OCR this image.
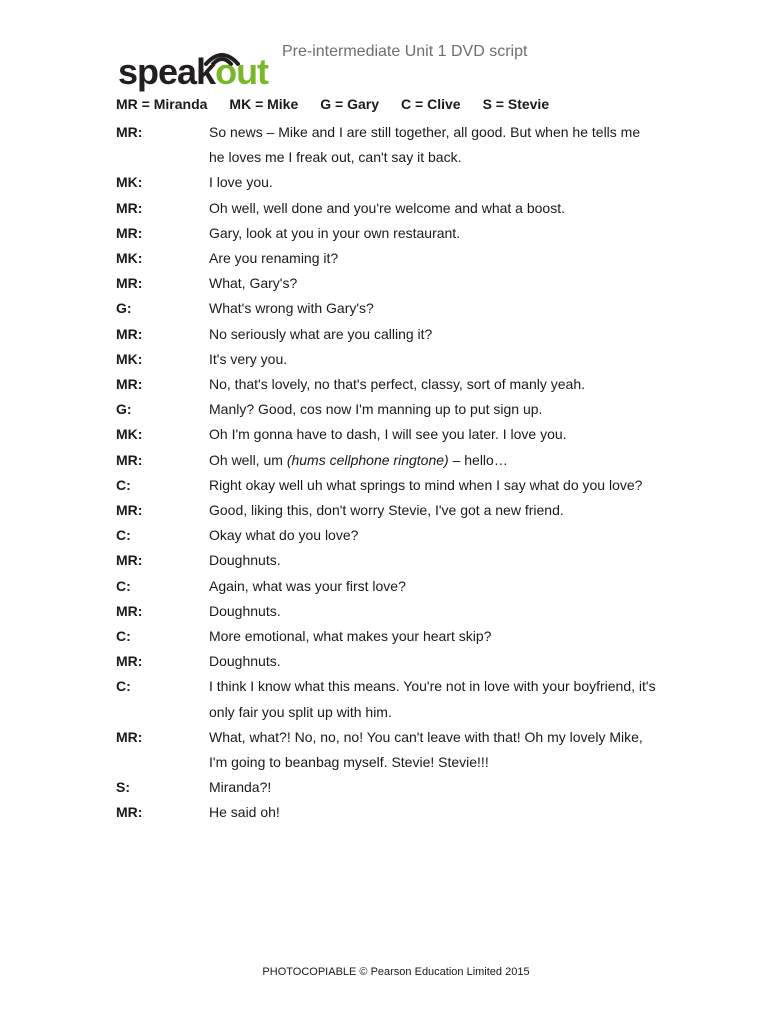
speakout Pre-intermediate Unit 1 DVD script
MR = Miranda MK = Mike G = Gary C = Clive S = Stevie
MR:	So news – Mike and I are still together, all good. But when he tells me he loves me I freak out, can't say it back.
MK:	I love you.
MR:	Oh well, well done and you're welcome and what a boost.
MR:	Gary, look at you in your own restaurant.
MK:	Are you renaming it?
MR:	What, Gary's?
G:	What's wrong with Gary's?
MR:	No seriously what are you calling it?
MK:	It's very you.
MR:	No, that's lovely, no that's perfect, classy, sort of manly yeah.
G:	Manly? Good, cos now I'm manning up to put sign up.
MK:	Oh I'm gonna have to dash, I will see you later. I love you.
MR:	Oh well, um (hums cellphone ringtone) – hello…
C:	Right okay well uh what springs to mind when I say what do you love?
MR:	Good, liking this, don't worry Stevie, I've got a new friend.
C:	Okay what do you love?
MR:	Doughnuts.
C:	Again, what was your first love?
MR:	Doughnuts.
C:	More emotional, what makes your heart skip?
MR:	Doughnuts.
C:	I think I know what this means. You're not in love with your boyfriend, it's only fair you split up with him.
MR:	What, what?! No, no, no! You can't leave with that! Oh my lovely Mike, I'm going to beanbag myself. Stevie! Stevie!!!
S:	Miranda?!
MR:	He said oh!
PHOTOCOPIABLE © Pearson Education Limited 2015
